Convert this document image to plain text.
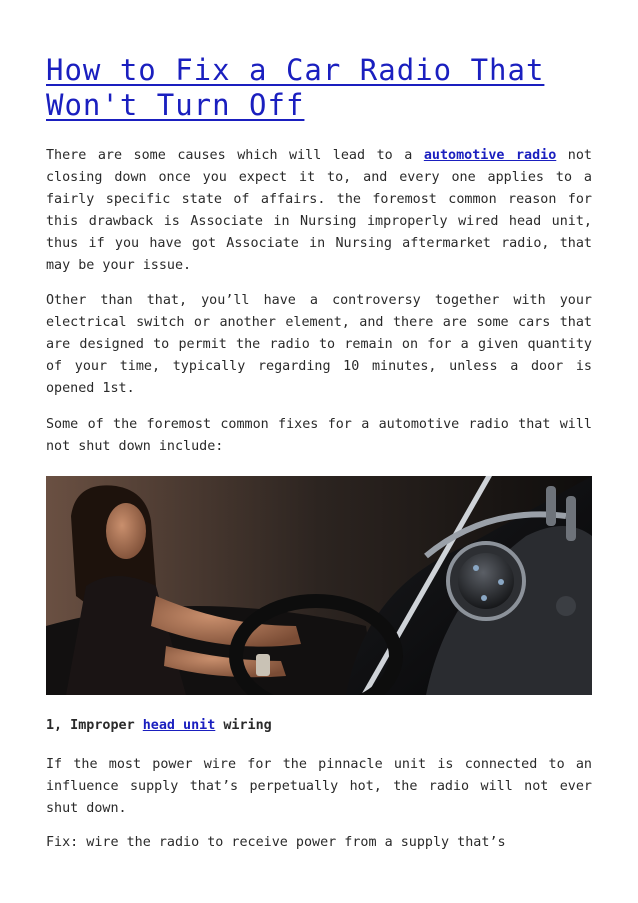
How to Fix a Car Radio That Won't Turn Off

There are some causes which will lead to a automotive radio not closing down once you expect it to, and every one applies to a fairly specific state of affairs. the foremost common reason for this drawback is Associate in Nursing improperly wired head unit, thus if you have got Associate in Nursing aftermarket radio, that may be your issue.

Other than that, you’ll have a controversy together with your electrical switch or another element, and there are some cars that are designed to permit the radio to remain on for a given quantity of your time, typically regarding 10 minutes, unless a door is opened 1st.

Some of the foremost common fixes for a automotive radio that will not shut down include:

1, Improper head unit wiring

If the most power wire for the pinnacle unit is connected to an influence supply that’s perpetually hot, the radio will not ever shut down.

Fix: wire the radio to receive power from a supply that’s
